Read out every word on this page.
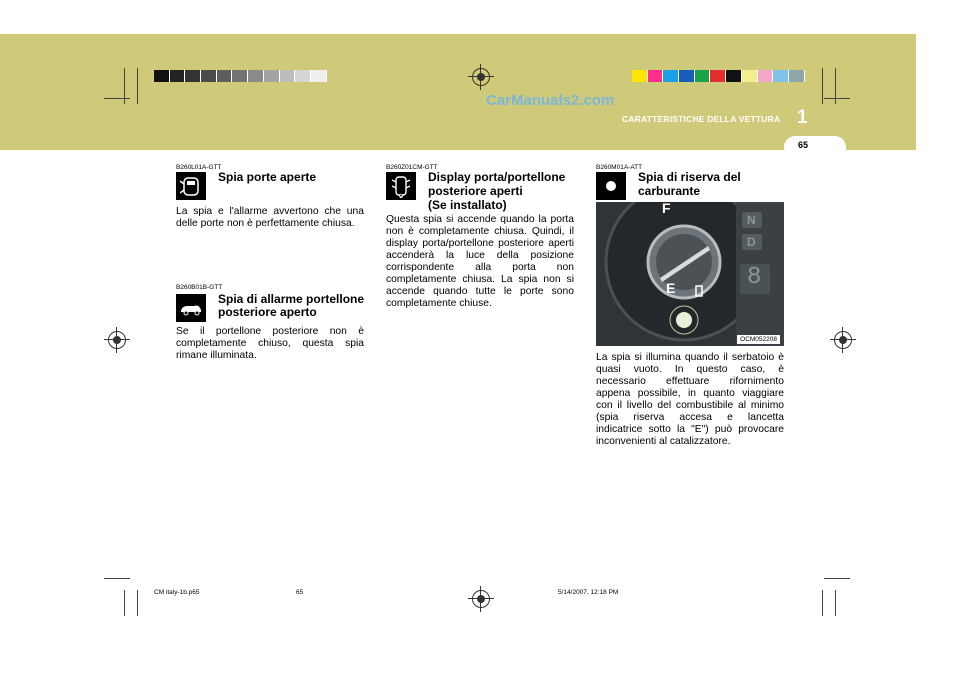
CarManuals2.com
CARATTERISTICHE DELLA VETTURA 1
65
B260L01A-GTT
Spia porte aperte
La spia e l'allarme avvertono che una delle porte non è perfettamente chiusa.
B260B01B-GTT
Spia di allarme portellone posteriore aperto
Se il portellone posteriore non è completamente chiuso, questa spia rimane illuminata.
B260Z01CM-GTT
Display porta/portellone
posteriore aperti
(Se installato)
Questa spia si accende quando la porta non è completamente chiusa. Quindi, il display porta/portellone posteriore aperti accenderà la luce della posizione corrispondente alla porta non completamente chiusa. La spia non si accende quando tutte le porte sono completamente chiuse.
B260M01A-ATT
Spia di riserva del
carburante
F
E
N
D
8
OCM052208
La spia si illumina quando il serbatoio è quasi vuoto. In questo caso, è necessario effettuare rifornimento appena possibile, in quanto viaggiare con il livello del combustibile al minimo (spia riserva accesa e lancetta indicatrice sotto la "E") può provocare inconvenienti al catalizzatore.
CM italy-1b.p65	65	5/14/2007, 12:18 PM
